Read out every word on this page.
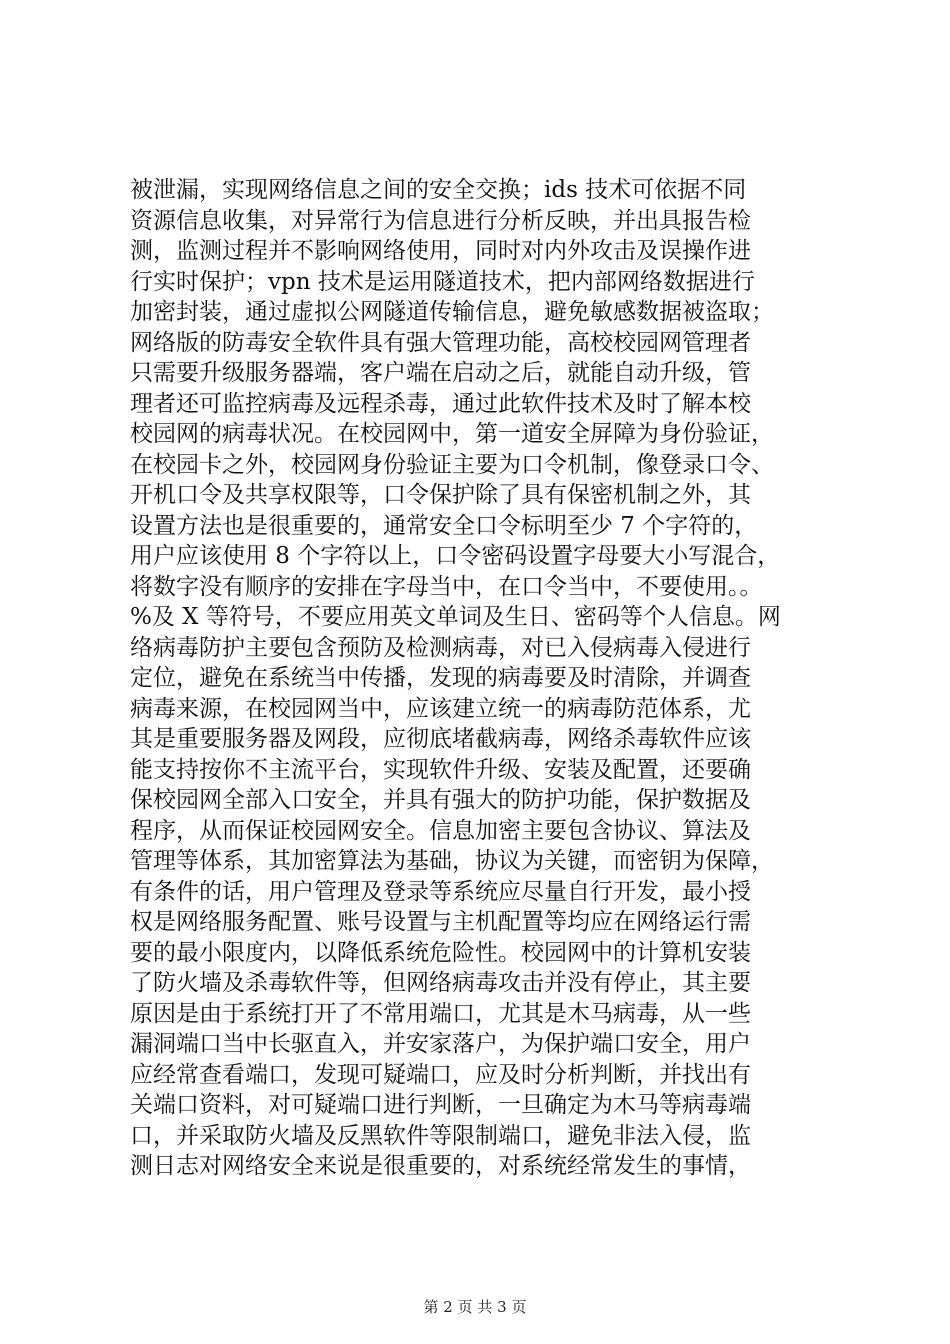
被泄漏，实现网络信息之间的安全交换；ids 技术可依据不同
资源信息收集，对异常行为信息进行分析反映，并出具报告检
测，监测过程并不影响网络使用，同时对内外攻击及误操作进
行实时保护；vpn 技术是运用隧道技术，把内部网络数据进行
加密封装，通过虚拟公网隧道传输信息，避免敏感数据被盗取；
网络版的防毒安全软件具有强大管理功能，高校校园网管理者
只需要升级服务器端，客户端在启动之后，就能自动升级，管
理者还可监控病毒及远程杀毒，通过此软件技术及时了解本校
校园网的病毒状况。在校园网中，第一道安全屏障为身份验证，
在校园卡之外，校园网身份验证主要为口令机制，像登录口令、
开机口令及共享权限等，口令保护除了具有保密机制之外，其
设置方法也是很重要的，通常安全口令标明至少 7 个字符的，
用户应该使用 8 个字符以上，口令密码设置字母要大小写混合，
将数字没有顺序的安排在字母当中，在口令当中，不要使用。。
%及 X 等符号，不要应用英文单词及生日、密码等个人信息。网
络病毒防护主要包含预防及检测病毒，对已入侵病毒入侵进行
定位，避免在系统当中传播，发现的病毒要及时清除，并调查
病毒来源，在校园网当中，应该建立统一的病毒防范体系，尤
其是重要服务器及网段，应彻底堵截病毒，网络杀毒软件应该
能支持按你不主流平台，实现软件升级、安装及配置，还要确
保校园网全部入口安全，并具有强大的防护功能，保护数据及
程序，从而保证校园网安全。信息加密主要包含协议、算法及
管理等体系，其加密算法为基础，协议为关键，而密钥为保障，
有条件的话，用户管理及登录等系统应尽量自行开发，最小授
权是网络服务配置、账号设置与主机配置等均应在网络运行需
要的最小限度内，以降低系统危险性。校园网中的计算机安装
了防火墙及杀毒软件等，但网络病毒攻击并没有停止，其主要
原因是由于系统打开了不常用端口，尤其是木马病毒，从一些
漏洞端口当中长驱直入，并安家落户，为保护端口安全，用户
应经常查看端口，发现可疑端口，应及时分析判断，并找出有
关端口资料，对可疑端口进行判断，一旦确定为木马等病毒端
口，并采取防火墙及反黑软件等限制端口，避免非法入侵，监
测日志对网络安全来说是很重要的，对系统经常发生的事情，
第 2 页 共 3 页
